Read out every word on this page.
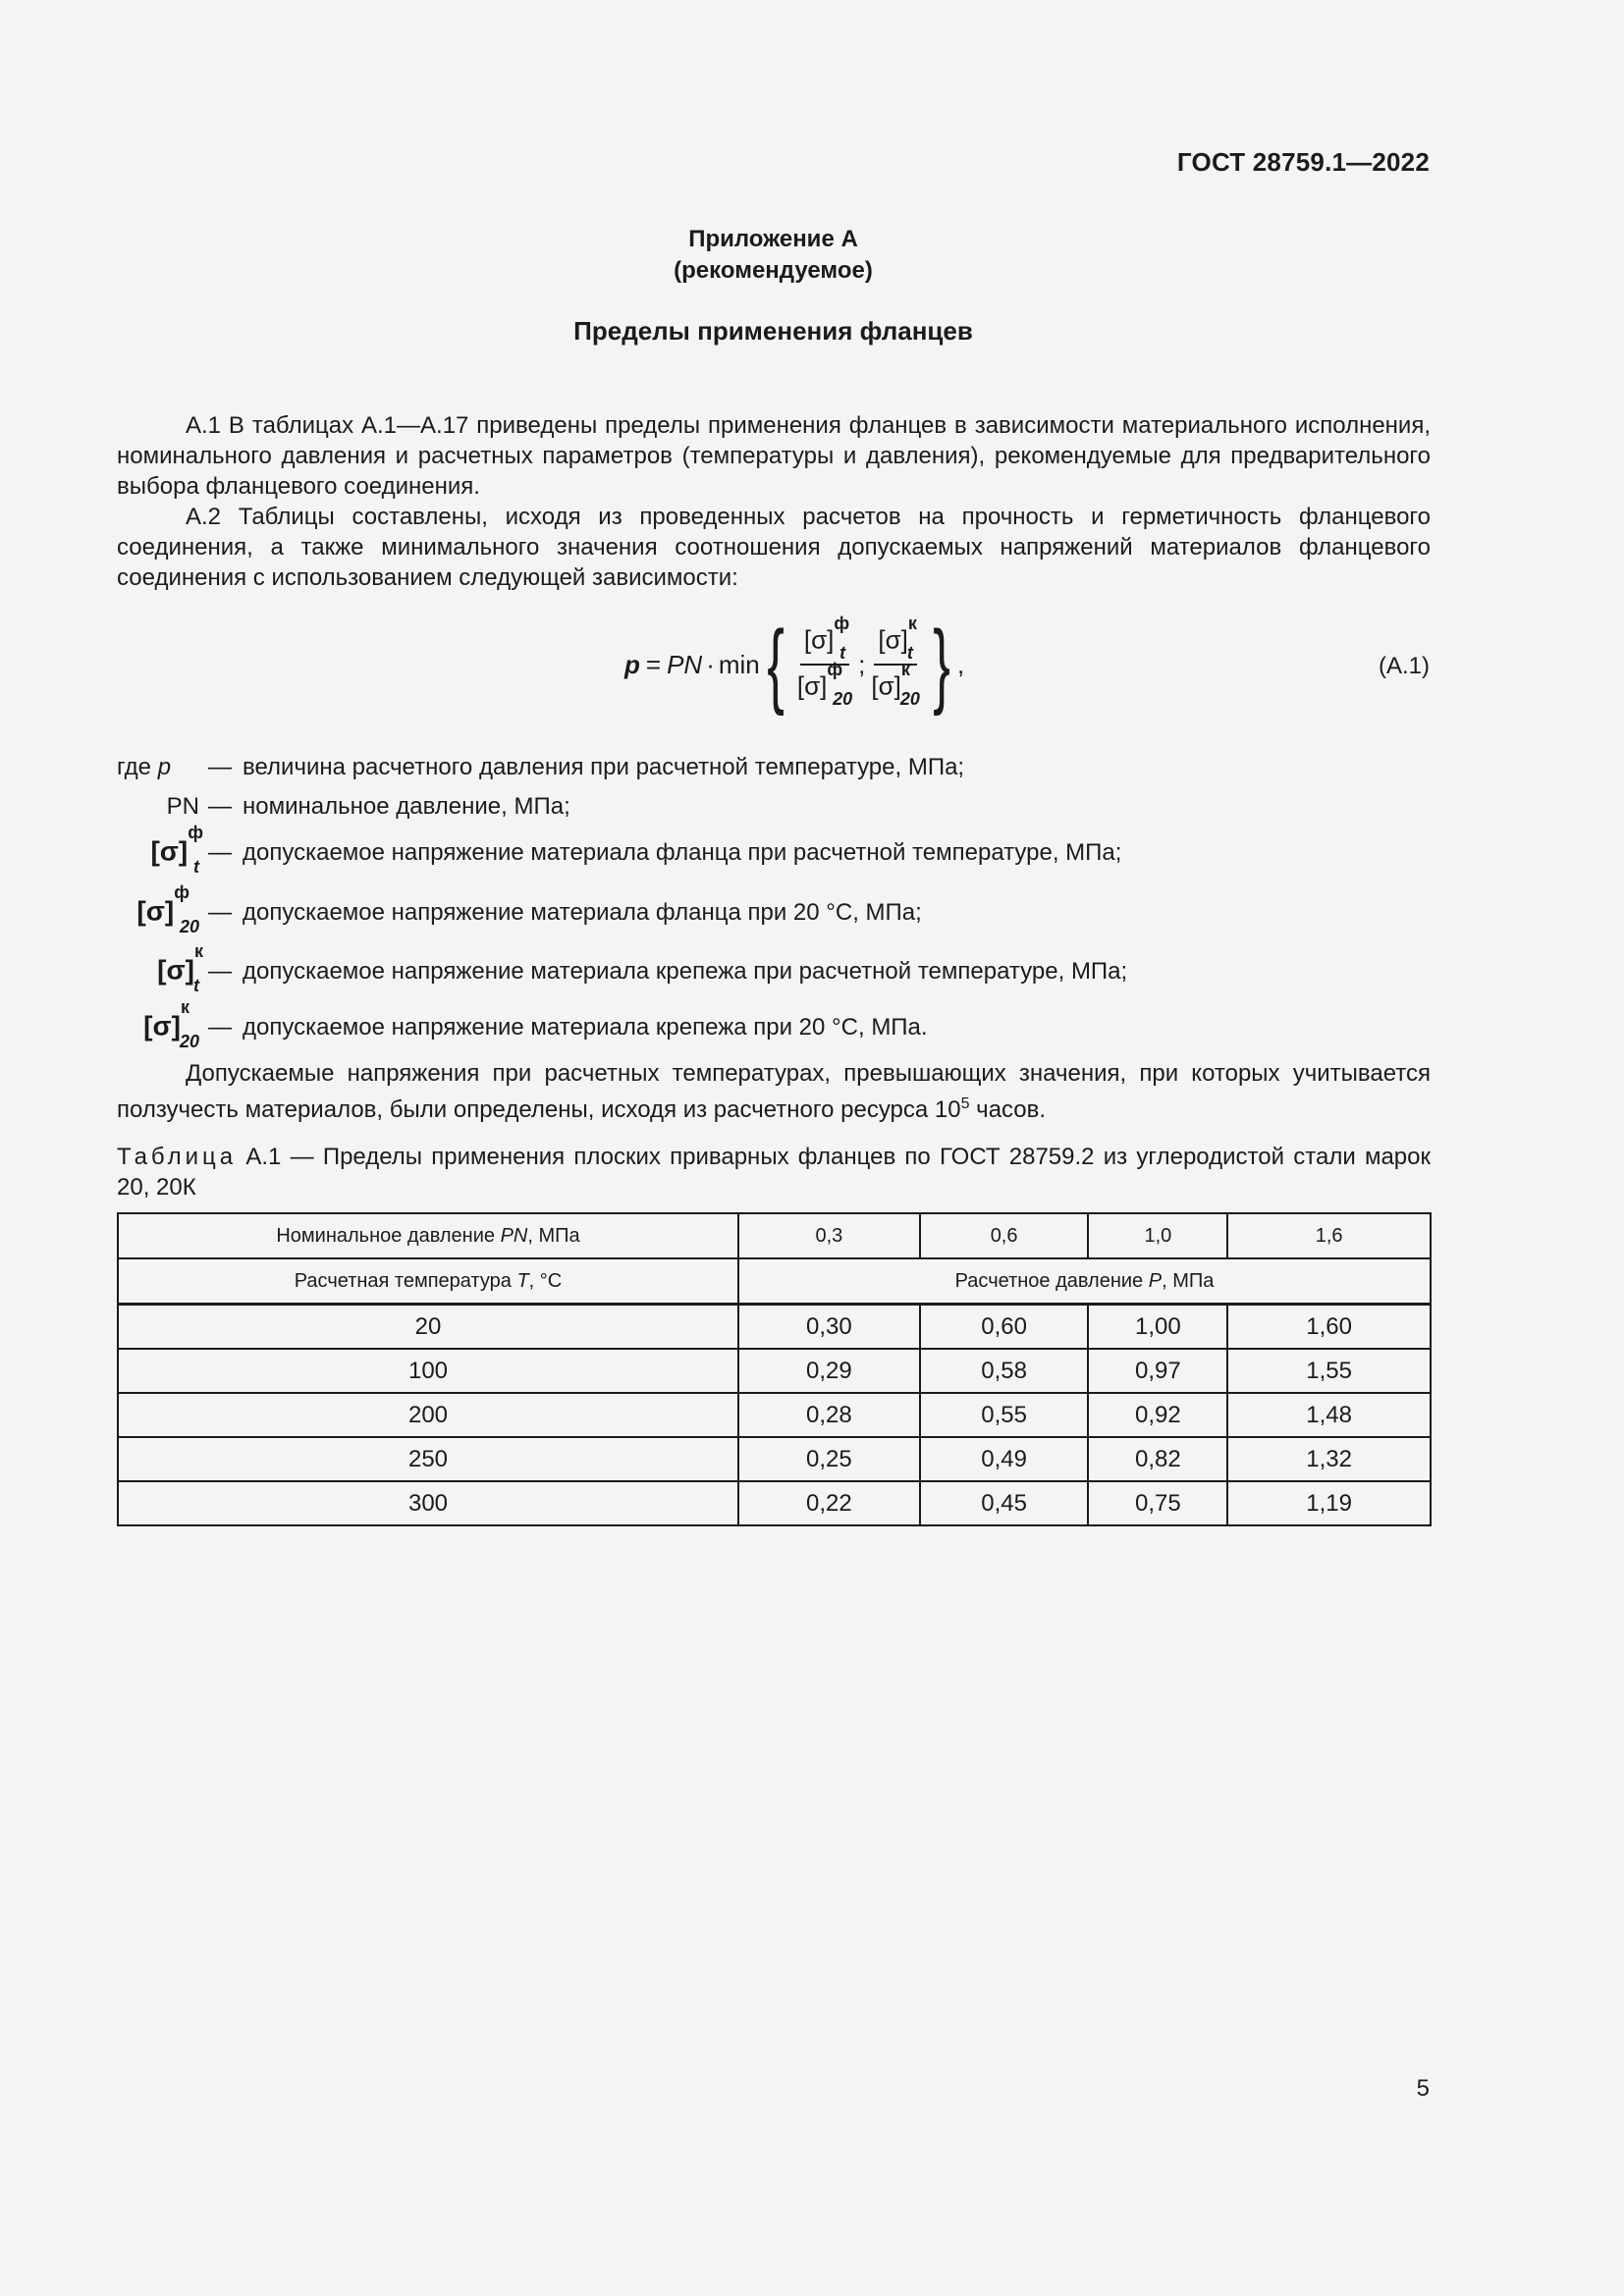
ГОСТ 28759.1—2022
Приложение А
(рекомендуемое)
Пределы применения фланцев

А.1 В таблицах А.1—А.17 приведены пределы применения фланцев в зависимости материального исполнения, номинального давления и расчетных параметров (температуры и давления), рекомендуемые для предварительного выбора фланцевого соединения.

А.2 Таблицы составлены, исходя из проведенных расчетов на прочность и герметичность фланцевого соединения, а также минимального значения соотношения допускаемых напряжений материалов фланцевого соединения с использованием следующей зависимости:

p = PN · min { $\frac{[\sigma]^ф_t}{[\sigma]^ф_{20}}$ ; $\frac{[\sigma]^к_t}{[\sigma]^к_{20}}$ } ,	(А.1)
где p	— величина расчетного давления при расчетной температуре, МПа;
PN — номинальное давление, МПа;
$[\sigma]^ф_t$
— допускаемое напряжение материала фланца при расчетной температуре, МПа;
$[\sigma]^ф_{20}$
— допускаемое напряжение материала фланца при 20 °С, МПа;
$[\sigma]^к_t$
— допускаемое напряжение материала крепежа при расчетной температуре, МПа;
$[\sigma]^к_{20}$
— допускаемое напряжение материала крепежа при 20 °С, МПа.

Допускаемые напряжения при расчетных температурах, превышающих значения, при которых учитывается ползучесть материалов, были определены, исходя из расчетного ресурса $10^5$ часов.

Таблица А.1 — Пределы применения плоских приварных фланцев по ГОСТ 28759.2 из углеродистой стали марок 20, 20К
Номинальное давление PN, МПа	0,3	0,6	1,0	1,6
Расчетная температура T, °С	Расчетное давление P, МПа			
20	0,30	0,60	1,00	1,60
100	0,29	0,58	0,97	1,55
200	0,28	0,55	0,92	1,48
250	0,25	0,49	0,82	1,32
300	0,22	0,45	0,75	1,19
5
